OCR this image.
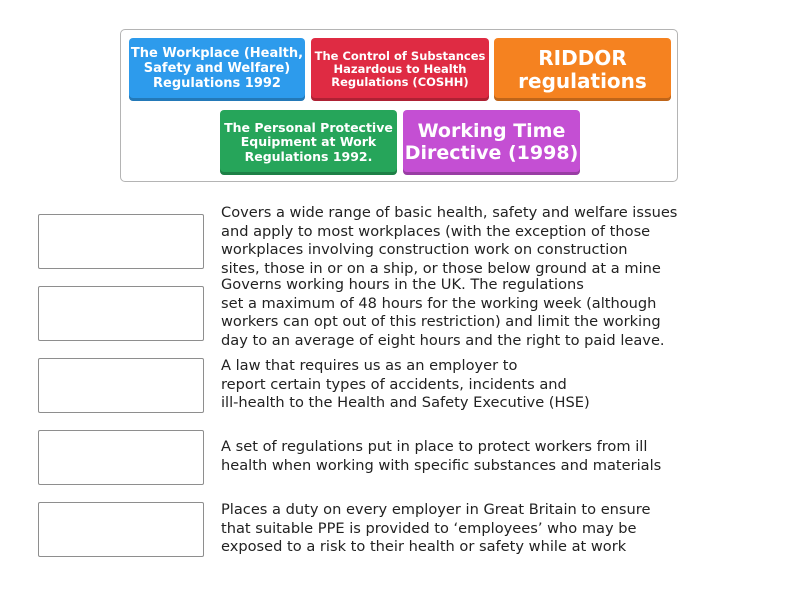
The Workplace (Health,
Safety and Welfare)
Regulations 1992
The Control of Substances
Hazardous to Health
Regulations (COSHH)
RIDDOR
regulations
The Personal Protective
Equipment at Work
Regulations 1992.
Working Time
Directive (1998)
Covers a wide range of basic health, safety and welfare issues
and apply to most workplaces (with the exception of those
workplaces involving construction work on construction
sites, those in or on a ship, or those below ground at a mine
Governs working hours in the UK. The regulations
set a maximum of 48 hours for the working week (although
workers can opt out of this restriction) and limit the working
day to an average of eight hours and the right to paid leave.
A law that requires us as an employer to
report certain types of accidents, incidents and
ill-health to the Health and Safety Executive (HSE)
A set of regulations put in place to protect workers from ill
health when working with specific substances and materials
Places a duty on every employer in Great Britain to ensure
that suitable PPE is provided to ‘employees’ who may be
exposed to a risk to their health or safety while at work
